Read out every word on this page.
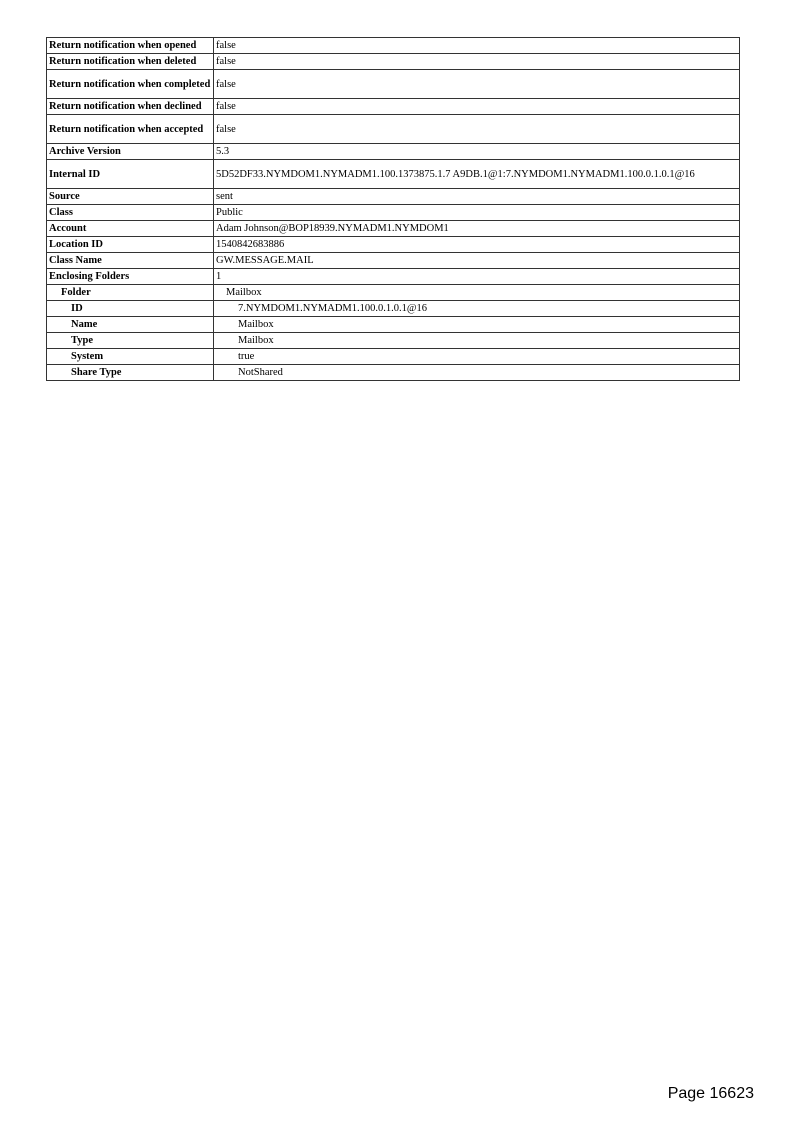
Return notification when opened	false
Return notification when deleted	false
Return notification when completed	false
Return notification when declined	false
Return notification when accepted	false
Archive Version	5.3
Internal ID	5D52DF33.NYMDOM1.NYMADM1.100.1373875.1.7 A9DB.1@1:7.NYMDOM1.NYMADM1.100.0.1.0.1@16
Source	sent
Class	Public
Account	Adam Johnson@BOP18939.NYMADM1.NYMDOM1
Location ID	1540842683886
Class Name	GW.MESSAGE.MAIL
Enclosing Folders	1
Folder	Mailbox
ID	7.NYMDOM1.NYMADM1.100.0.1.0.1@16
Name	Mailbox
Type	Mailbox
System	true
Share Type	NotShared
Page 16623
